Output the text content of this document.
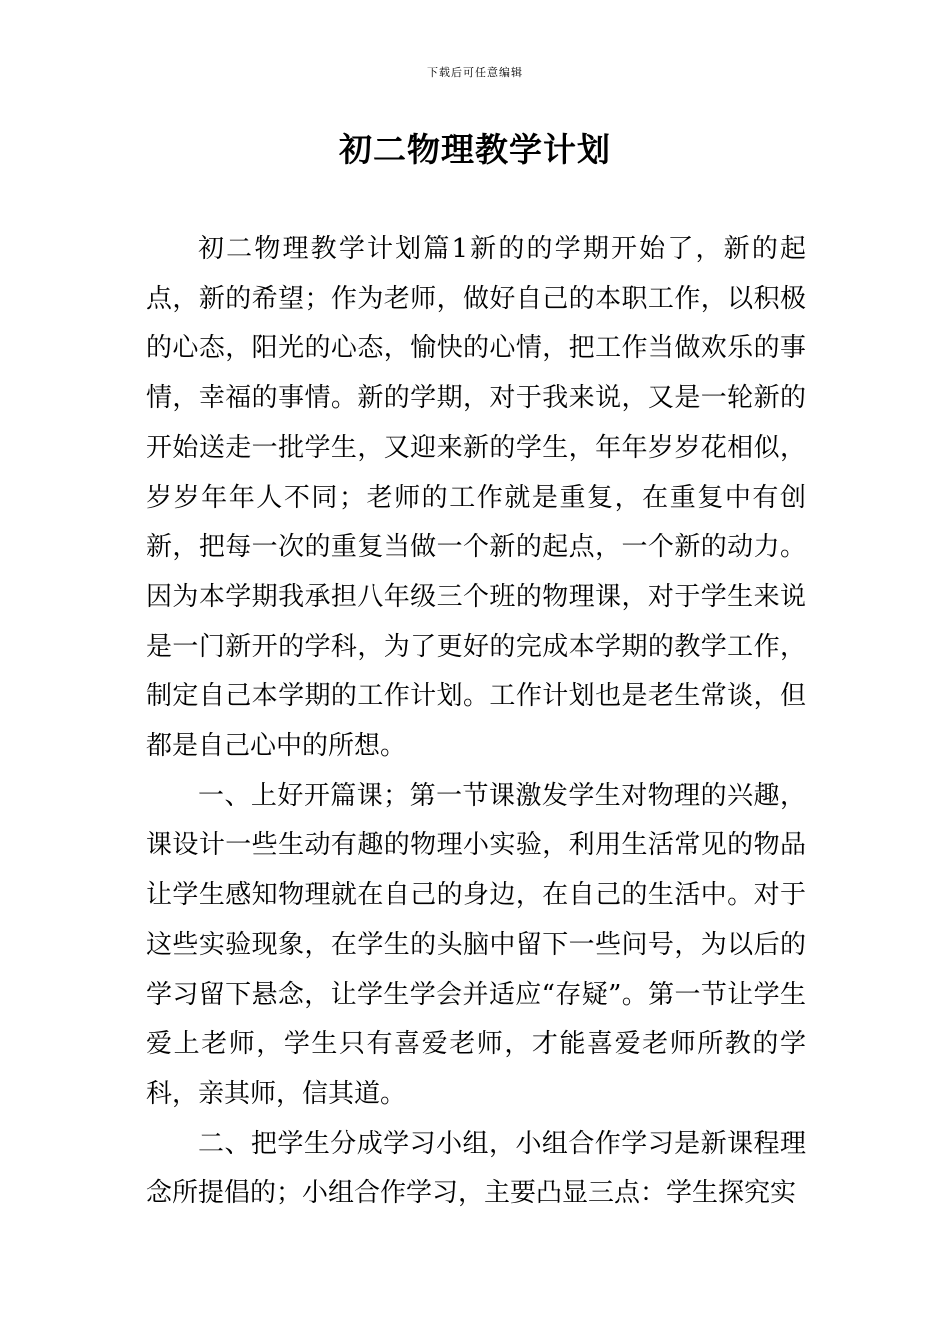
下载后可任意编辑
初二物理教学计划

初二物理教学计划篇1新的的学期开始了，新的起点，新的希望；作为老师，做好自己的本职工作，以积极的心态，阳光的心态，愉快的心情，把工作当做欢乐的事情，幸福的事情。新的学期，对于我来说，又是一轮新的开始送走一批学生，又迎来新的学生，年年岁岁花相似，岁岁年年人不同；老师的工作就是重复，在重复中有创新，把每一次的重复当做一个新的起点，一个新的动力。因为本学期我承担八年级三个班的物理课，对于学生来说是一门新开的学科，为了更好的完成本学期的教学工作，制定自己本学期的工作计划。工作计划也是老生常谈，但都是自己心中的所想。

一、上好开篇课；第一节课激发学生对物理的兴趣，课设计一些生动有趣的物理小实验，利用生活常见的物品让学生感知物理就在自己的身边，在自己的生活中。对于这些实验现象，在学生的头脑中留下一些问号，为以后的学习留下悬念，让学生学会并适应“存疑”。第一节让学生爱上老师，学生只有喜爱老师，才能喜爱老师所教的学科，亲其师，信其道。

二、把学生分成学习小组，小组合作学习是新课程理念所提倡的；小组合作学习，主要凸显三点：学生探究实
